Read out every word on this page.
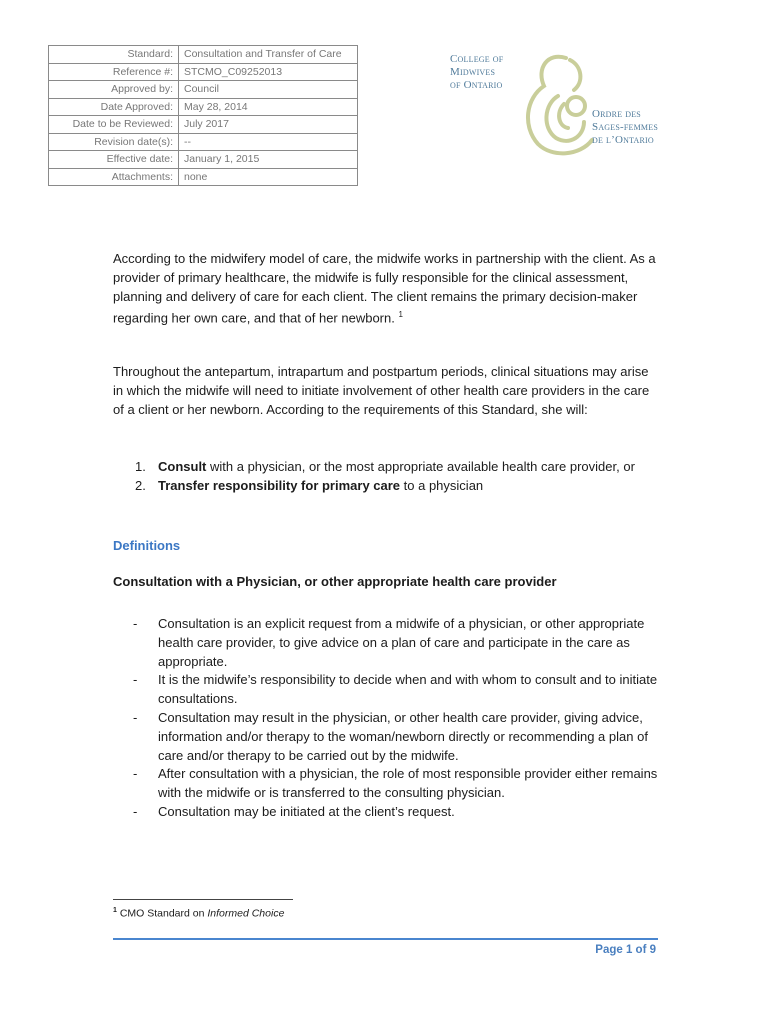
Standard:	Consultation and Transfer of Care
Reference #:	STCMO_C09252013
Approved by:	Council
Date Approved:	May 28, 2014
Date to be Reviewed:	July 2017
Revision date(s):	--
Effective date:	January 1, 2015
Attachments:	none
College of
Midwives
of Ontario
Ordre des
Sages-femmes
de l’Ontario

According to the midwifery model of care, the midwife works in partnership with the client. As a provider of primary healthcare, the midwife is fully responsible for the clinical assessment, planning and delivery of care for each client. The client remains the primary decision-maker regarding her own care, and that of her newborn. $^1$

Throughout the antepartum, intrapartum and postpartum periods, clinical situations may arise in which the midwife will need to initiate involvement of other health care providers in the care of a client or her newborn. According to the requirements of this Standard, she will:

1. Consult with a physician, or the most appropriate available health care provider, or
2. Transfer responsibility for primary care to a physician
Definitions
Consultation with a Physician, or other appropriate health care provider
- Consultation is an explicit request from a midwife of a physician, or other appropriate health care provider, to give advice on a plan of care and participate in the care as appropriate.
- It is the midwife’s responsibility to decide when and with whom to consult and to initiate consultations.
- Consultation may result in the physician, or other health care provider, giving advice, information and/or therapy to the woman/newborn directly or recommending a plan of care and/or therapy to be carried out by the midwife.
- After consultation with a physician, the role of most responsible provider either remains with the midwife or is transferred to the consulting physician.
- Consultation may be initiated at the client’s request.
$^1$ CMO Standard on Informed Choice
Page 1 of 9
